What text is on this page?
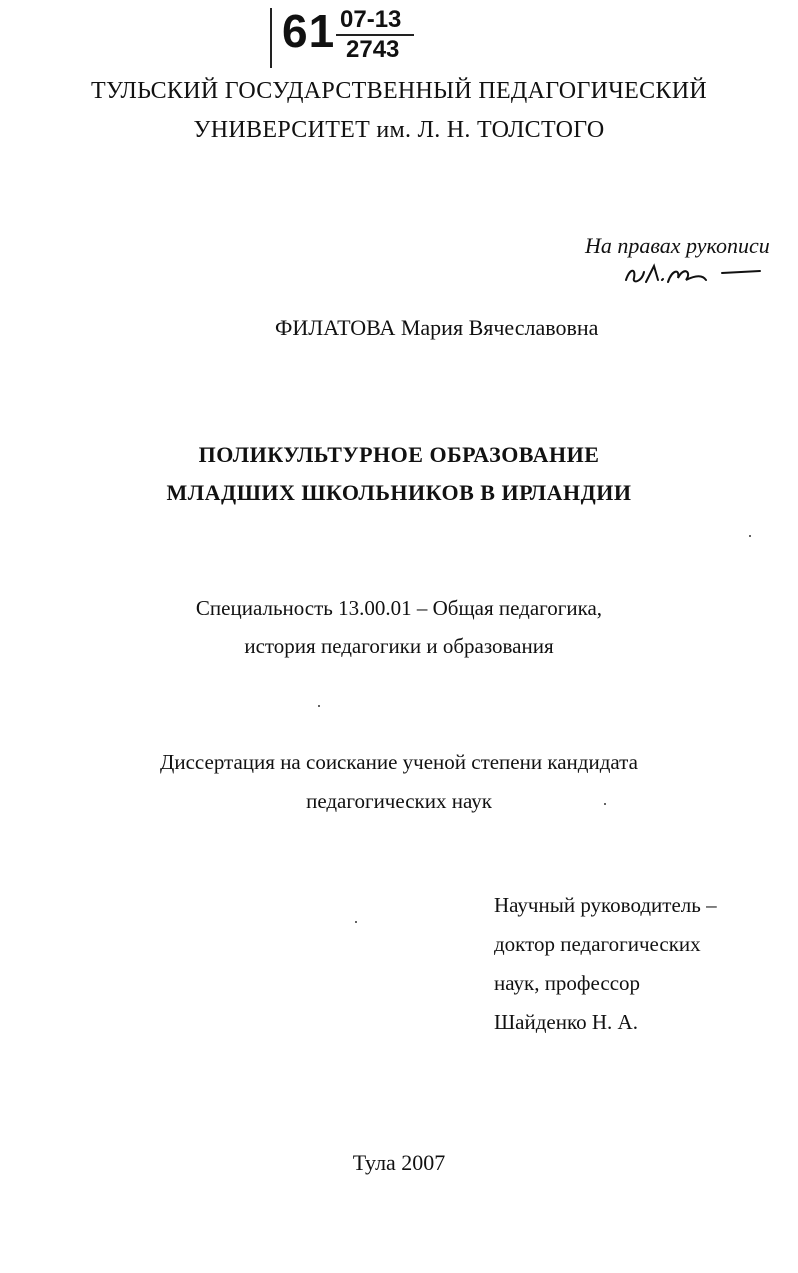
61 07-13
2743
ТУЛЬСКИЙ ГОСУДАРСТВЕННЫЙ ПЕДАГОГИЧЕСКИЙ
УНИВЕРСИТЕТ им. Л. Н. ТОЛСТОГО
На правах рукописи
ФИЛАТОВА Мария Вячеславовна
ПОЛИКУЛЬТУРНОЕ ОБРАЗОВАНИЕ
МЛАДШИХ ШКОЛЬНИКОВ В ИРЛАНДИИ
Специальность 13.00.01 – Общая педагогика,
история педагогики и образования
Диссертация на соискание ученой степени кандидата
педагогических наук
Научный руководитель –
доктор педагогических
наук, профессор
Шайденко Н. А.
Тула 2007
